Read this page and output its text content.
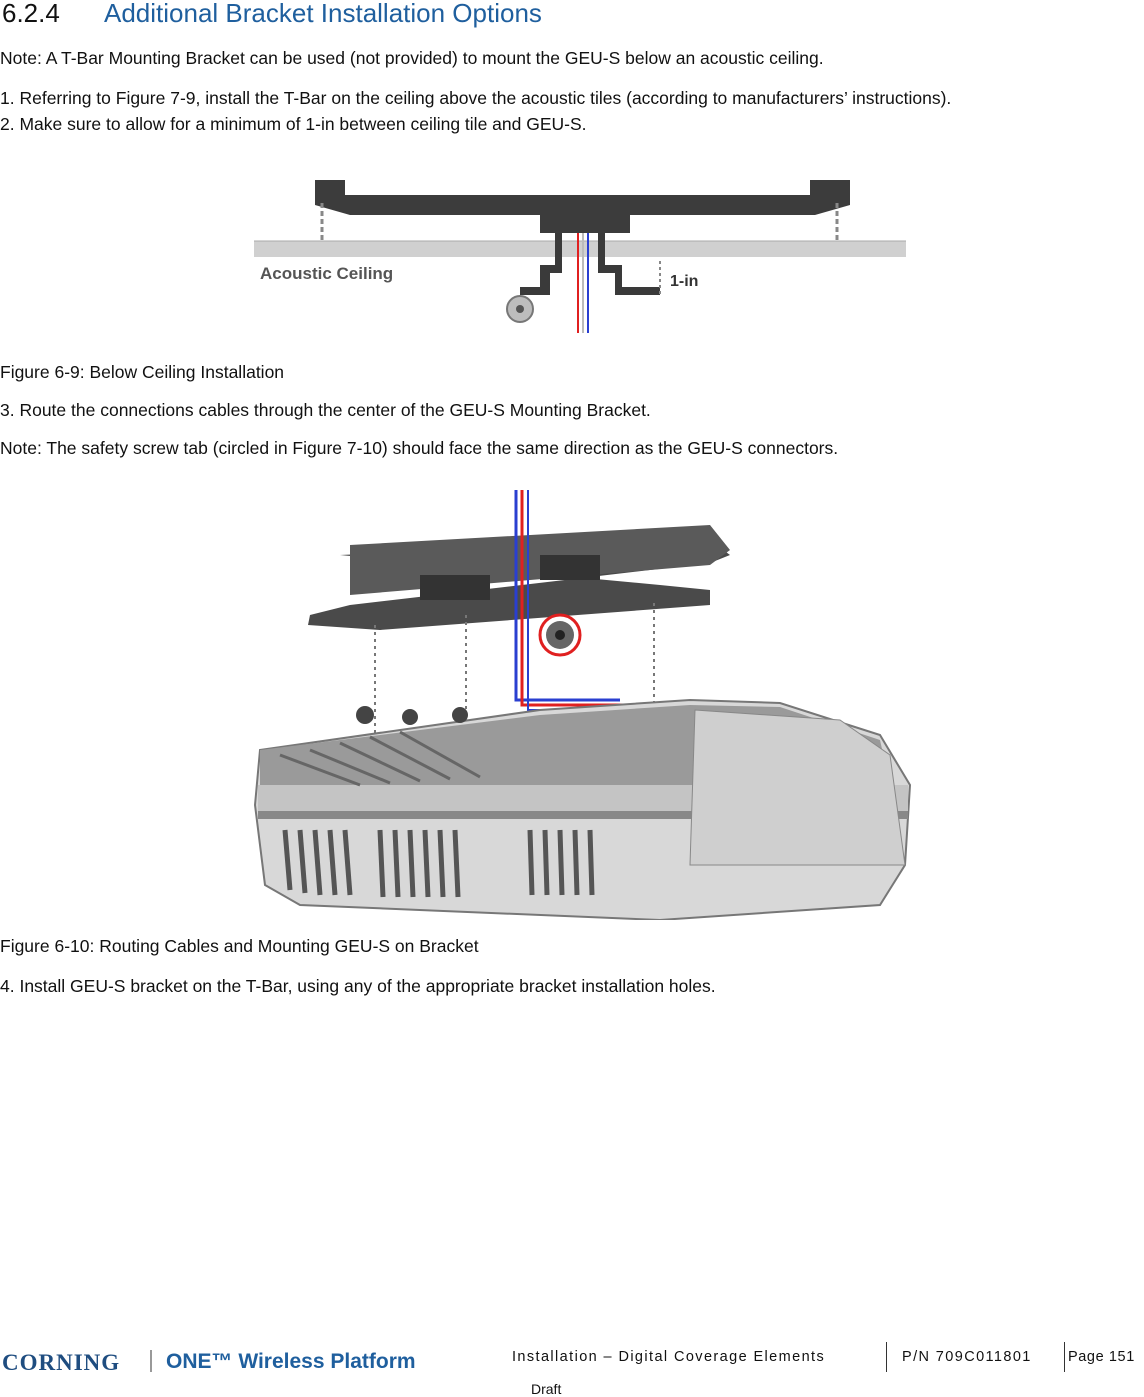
6.2.4 Additional Bracket Installation Options
Note: A T-Bar Mounting Bracket can be used (not provided) to mount the GEU-S below an acoustic ceiling.
1. Referring to Figure 7-9, install the T-Bar on the ceiling above the acoustic tiles (according to manufacturers’ instructions).
2. Make sure to allow for a minimum of 1-in between ceiling tile and GEU-S.
Acoustic Ceiling	1-in
Figure 6-9: Below Ceiling Installation
3. Route the connections cables through the center of the GEU-S Mounting Bracket.
Note: The safety screw tab (circled in Figure 7-10) should face the same direction as the GEU-S connectors.
Figure 6-10: Routing Cables and Mounting GEU-S on Bracket
4. Install GEU-S bracket on the T-Bar, using any of the appropriate bracket installation holes.
CORNING ONE™ Wireless Platform	Installation – Digital Coverage Elements	P/N 709C011801 Page 151
Draft
